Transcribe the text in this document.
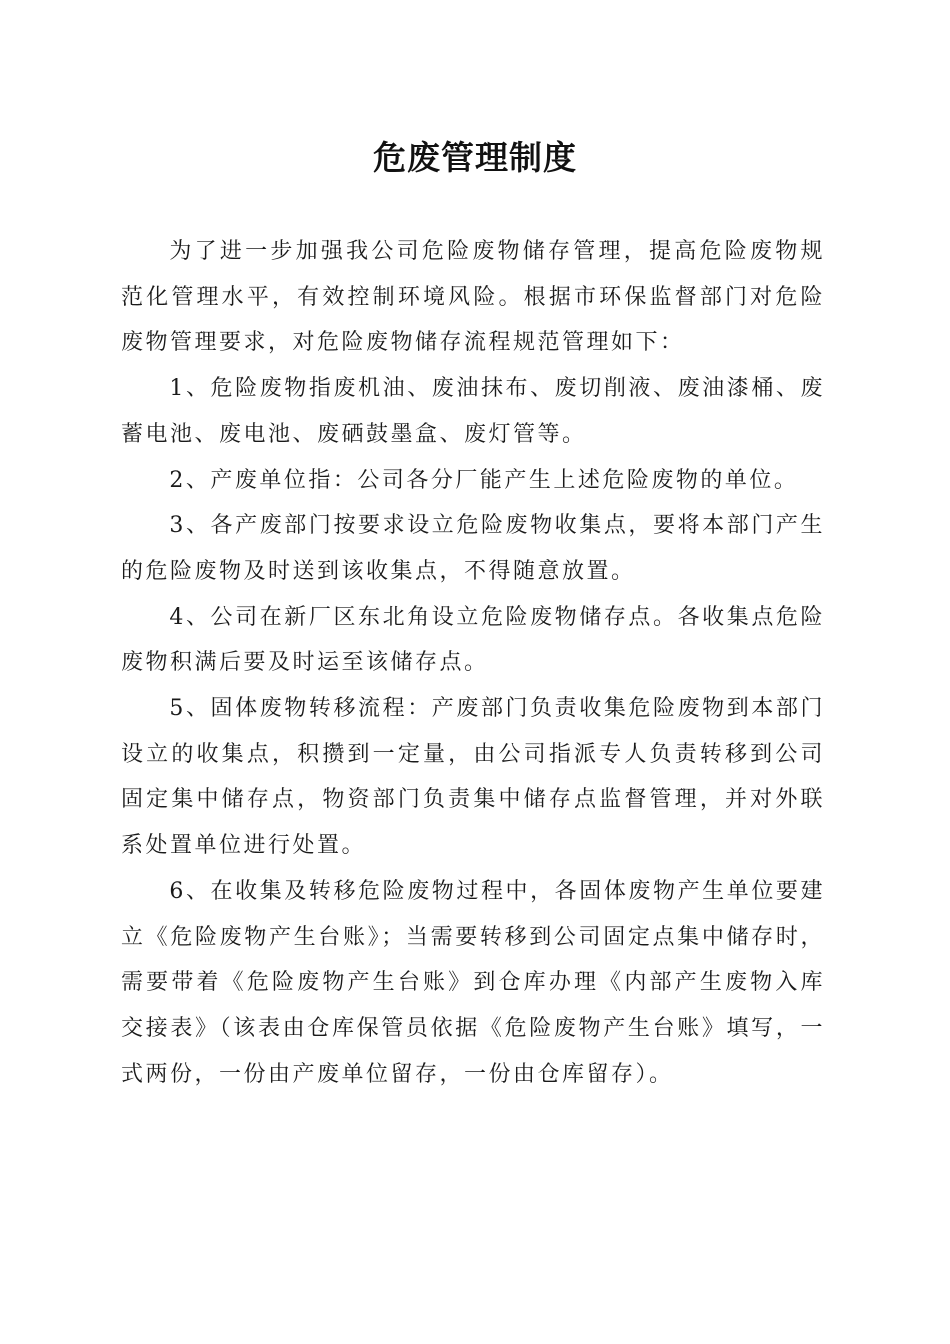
危废管理制度

为了进一步加强我公司危险废物储存管理，提高危险废物规范化管理水平，有效控制环境风险。根据市环保监督部门对危险废物管理要求，对危险废物储存流程规范管理如下：

1、危险废物指废机油、废油抹布、废切削液、废油漆桶、废蓄电池、废电池、废硒鼓墨盒、废灯管等。

2、产废单位指：公司各分厂能产生上述危险废物的单位。

3、各产废部门按要求设立危险废物收集点，要将本部门产生的危险废物及时送到该收集点，不得随意放置。

4、公司在新厂区东北角设立危险废物储存点。各收集点危险废物积满后要及时运至该储存点。

5、固体废物转移流程：产废部门负责收集危险废物到本部门设立的收集点，积攒到一定量，由公司指派专人负责转移到公司固定集中储存点，物资部门负责集中储存点监督管理，并对外联系处置单位进行处置。

6、在收集及转移危险废物过程中，各固体废物产生单位要建立《危险废物产生台账》；当需要转移到公司固定点集中储存时，需要带着《危险废物产生台账》到仓库办理《内部产生废物入库交接表》（该表由仓库保管员依据《危险废物产生台账》填写，一式两份，一份由产废单位留存，一份由仓库留存）。
